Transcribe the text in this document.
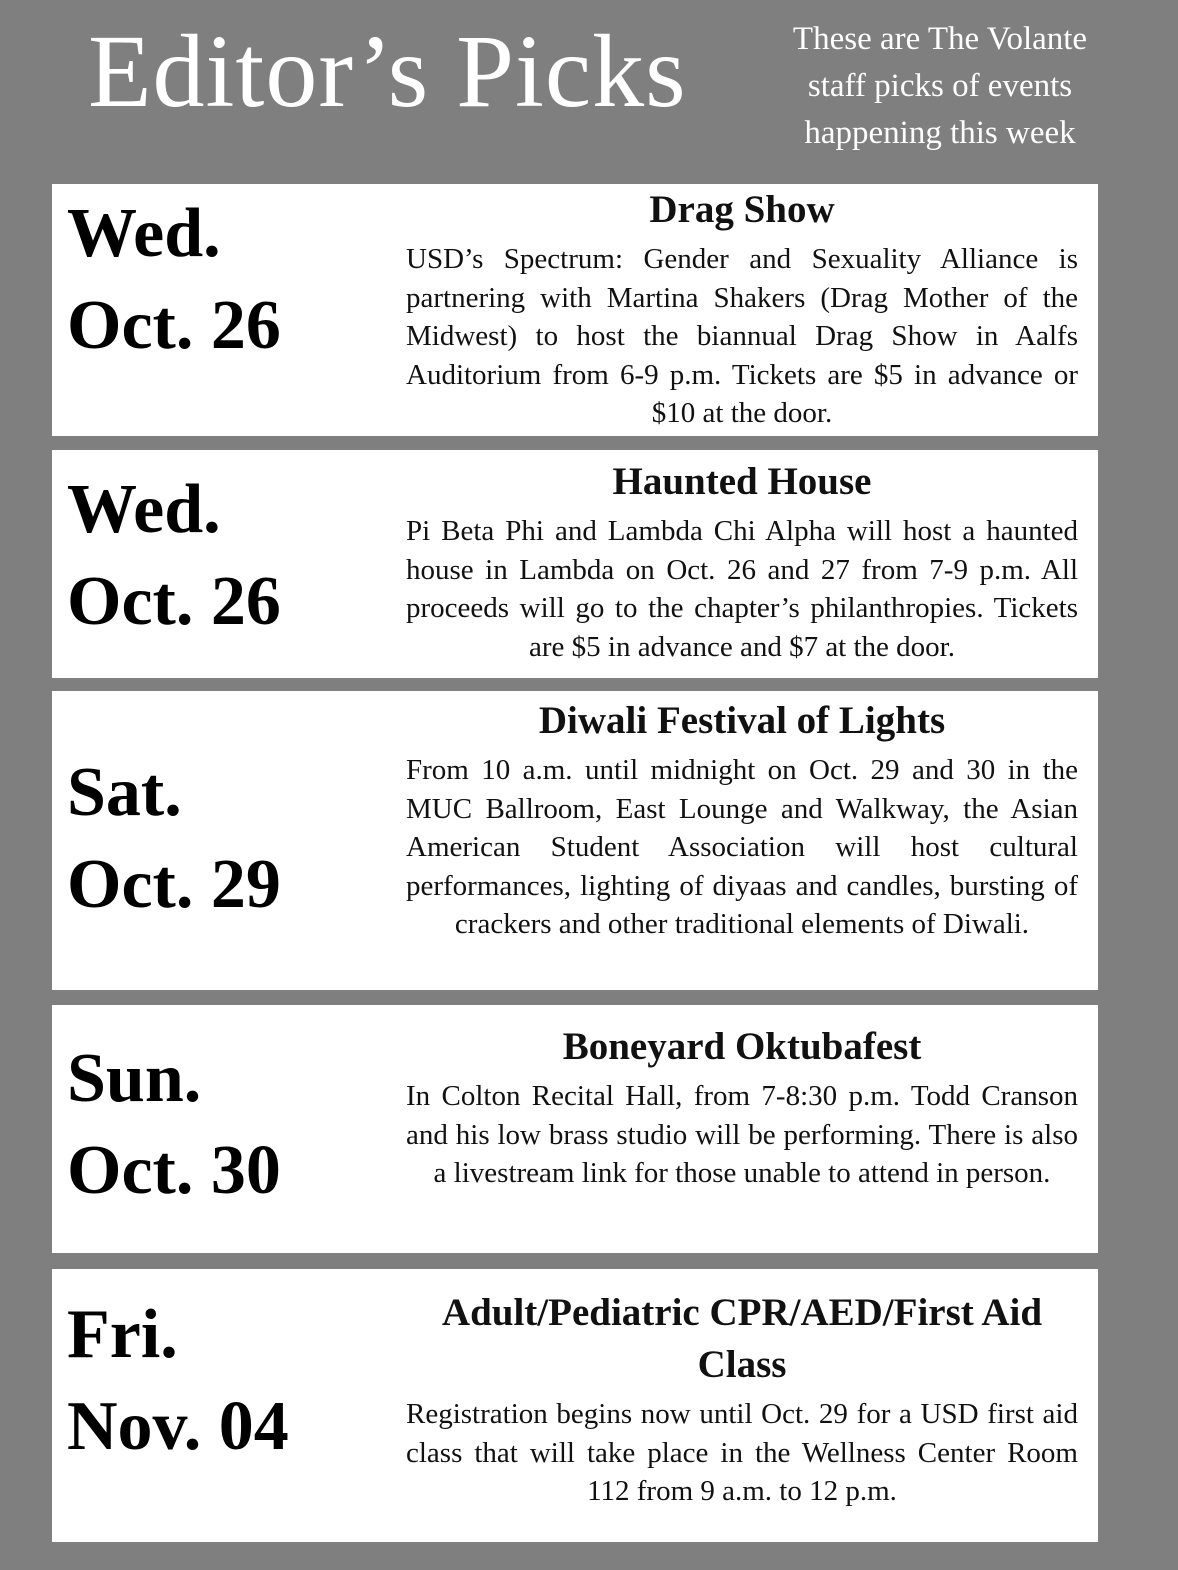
Editor’s Picks	These are The Volante
staff picks of events
happening this week
Wed.
Oct. 26
Drag Show

USD’s Spectrum: Gender and Sexuality Alliance is partnering with Martina Shakers (Drag Mother of the Midwest) to host the biannual Drag Show in Aalfs Auditorium from 6-9 p.m. Tickets are $5 in advance or $10 at the door.

Wed.
Oct. 26
Haunted House

Pi Beta Phi and Lambda Chi Alpha will host a haunted house in Lambda on Oct. 26 and 27 from 7-9 p.m. All proceeds will go to the chapter’s philanthropies. Tickets are $5 in advance and $7 at the door.

Sat.
Oct. 29
Diwali Festival of Lights

From 10 a.m. until midnight on Oct. 29 and 30 in the MUC Ballroom, East Lounge and Walkway, the Asian American Student Association will host cultural performances, lighting of diyaas and candles, bursting of crackers and other traditional elements of Diwali.

Sun.
Oct. 30
Boneyard Oktubafest

In Colton Recital Hall, from 7-8:30 p.m. Todd Cranson and his low brass studio will be performing. There is also a livestream link for those unable to attend in person.

Fri.
Nov. 04
Adult/Pediatric CPR/AED/First Aid Class

Registration begins now until Oct. 29 for a USD first aid class that will take place in the Wellness Center Room 112 from 9 a.m. to 12 p.m.
